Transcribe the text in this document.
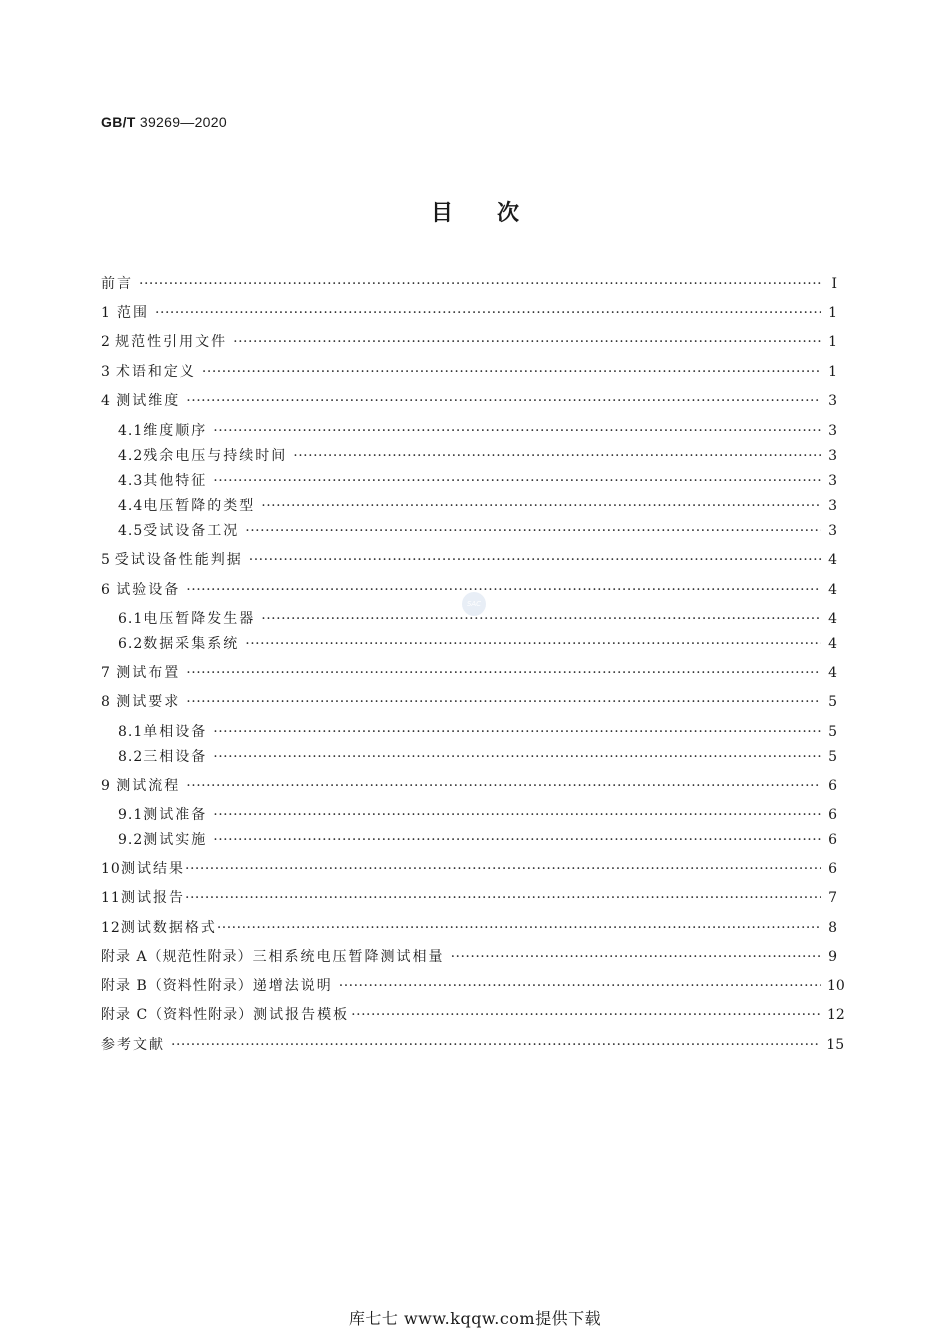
GB/T 39269—2020
目次
前言 ·····	Ⅰ
1 范围 ·····	1
2 规范性引用文件 ·····	1
3 术语和定义 ·····	1
4 测试维度 ·····	3
4.1 维度顺序 ·····	3
4.2 残余电压与持续时间 ·····	3
4.3 其他特征 ·····	3
4.4 电压暂降的类型 ·····	3
4.5 受试设备工况 ·····	3
5 受试设备性能判据 ·····	4
6 试验设备 ·····	4
6.1 电压暂降发生器 ·····	4
6.2 数据采集系统 ·····	4
7 测试布置 ·····	4
8 测试要求 ·····	5
8.1 单相设备 ·····	5
8.2 三相设备 ·····	5
9 测试流程 ·····	6
9.1 测试准备 ·····	6
9.2 测试实施 ·····	6
10 测试结果 ·····	6
11 测试报告 ·····	7
12 测试数据格式 ·····	8
附录 A（规范性附录） 三相系统电压暂降测试相量 ·····	9
附录 B（资料性附录） 递增法说明 ·····	10
附录 C（资料性附录） 测试报告模板 ·····	12
参考文献 ·····	15
SAC
库七七 www.kqqw.com提供下载
